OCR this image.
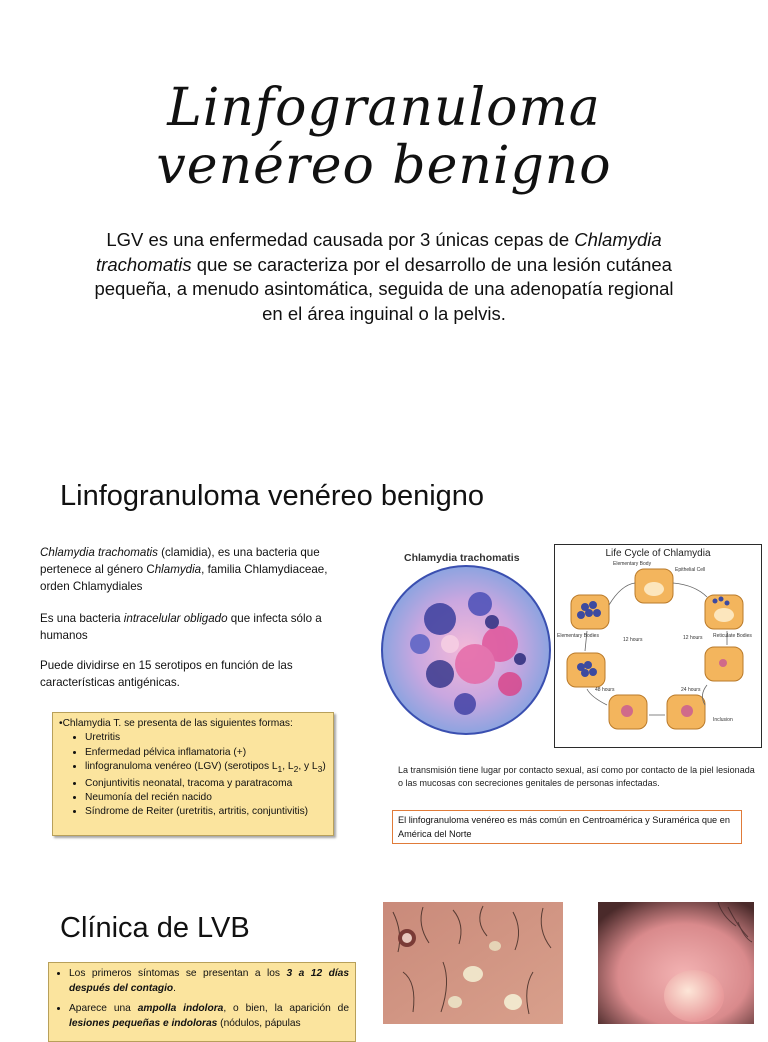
Linfogranuloma
venéreo benigno
LGV es una enfermedad causada por 3 únicas cepas de Chlamydia trachomatis que se caracteriza por el desarrollo de una lesión cutánea pequeña, a menudo asintomática, seguida de una adenopatía regional en el área inguinal o la pelvis.
Linfogranuloma venéreo benigno
Chlamydia trachomatis (clamidia), es una bacteria que pertenece al género Chlamydia, familia Chlamydiaceae, orden Chlamydiales
Es una bacteria intracelular obligado que infecta sólo a humanos
Puede dividirse en 15 serotipos en función de las características antigénicas.
•Chlamydia T. se presenta de las siguientes formas:
• Uretritis
• Enfermedad pélvica inflamatoria (+)
• linfogranuloma venéreo (LGV) (serotipos $L_1$, $L_2$, y $L_3$)
• Conjuntivitis neonatal, tracoma y paratracoma
• Neumonía del recién nacido
• Síndrome de Reiter (uretritis, artritis, conjuntivitis)
Chlamydia trachomatis	Life Cycle of Chlamydia
Elementary Body
Epithelial Cell
12 hours	12 hours Reticulate Bodies
Elementary Bodies
48 hours	24 hours
Inclusion
La transmisión tiene lugar por contacto sexual, así como por contacto de la piel lesionada o las mucosas con secreciones genitales de personas infectadas.
El linfogranuloma venéreo es más común en Centroamérica y Suramérica que en América del Norte
Clínica de LVB
• Los primeros síntomas se presentan a los 3 a 12 días después del contagio.
• Aparece una ampolla indolora, o bien, la aparición de lesiones pequeñas e indoloras (nódulos, pápulas
